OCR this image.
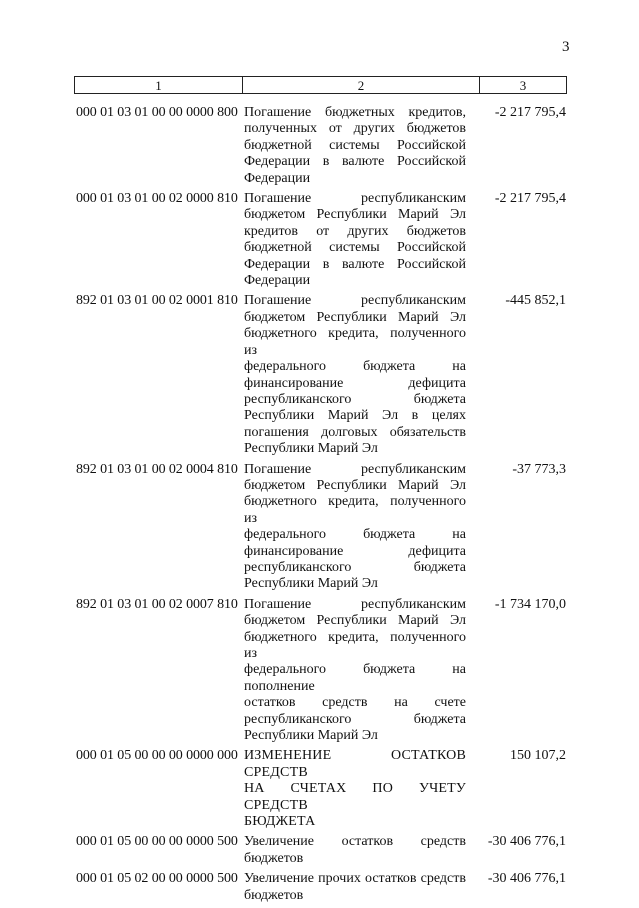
3
1	2	3
000 01 03 01 00 00 0000 800 Погашение бюджетных кредитов,
полученных от других бюджетов
бюджетной системы Российской
Федерации в валюте Российской
Федерации
-2 217 795,4
000 01 03 01 00 02 0000 810 Погашение республиканским
бюджетом Республики Марий Эл
кредитов от других бюджетов
бюджетной системы Российской
Федерации в валюте Российской
Федерации
-2 217 795,4
892 01 03 01 00 02 0001 810 Погашение республиканским
бюджетом Республики Марий Эл
бюджетного кредита, полученного из
федерального бюджета на
финансирование дефицита
республиканского бюджета
Республики Марий Эл в целях
погашения долговых обязательств
Республики Марий Эл
-445 852,1
892 01 03 01 00 02 0004 810 Погашение республиканским
бюджетом Республики Марий Эл
бюджетного кредита, полученного из
федерального бюджета на
финансирование дефицита
республиканского бюджета
Республики Марий Эл
-37 773,3
892 01 03 01 00 02 0007 810 Погашение республиканским
бюджетом Республики Марий Эл
бюджетного кредита, полученного из
федерального бюджета на пополнение
остатков средств на счете
республиканского бюджета
Республики Марий Эл
-1 734 170,0
000 01 05 00 00 00 0000 000 ИЗМЕНЕНИЕ ОСТАТКОВ СРЕДСТВ
НА СЧЕТАХ ПО УЧЕТУ СРЕДСТВ
БЮДЖЕТА
150 107,2
000 01 05 00 00 00 0000 500 Увеличение остатков средств
бюджетов
-30 406 776,1
000 01 05 02 00 00 0000 500 Увеличение прочих остатков средств
бюджетов
-30 406 776,1
